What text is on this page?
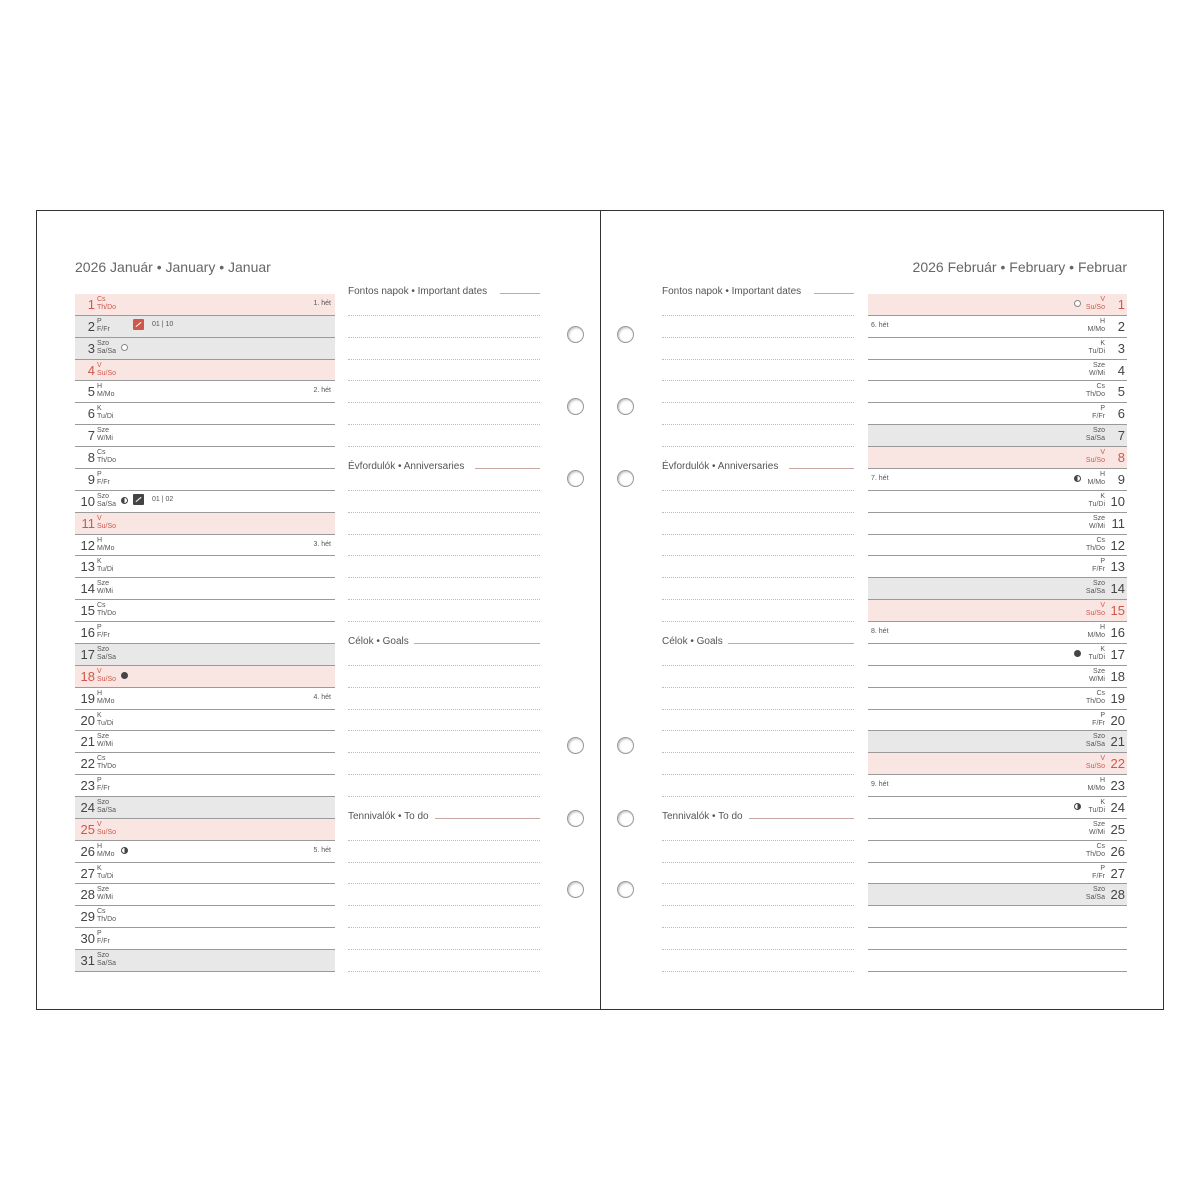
2026 Január • January • Januar	2026 Február • February • Februar
1 Cs
Th/Do
1. hét
2 P
F/Fr
01 | 10
3 Szo
Sa/Sa
4 V
Su/So
5 H
M/Mo
2. hét
6 K
Tu/Di
7 Sze
W/Mi
8 Cs
Th/Do
9 P
F/Fr
10 Szo
Sa/Sa
01 | 02
11 V
Su/So
12 H
M/Mo
3. hét
13 K
Tu/Di
14 Sze
W/Mi
15 Cs
Th/Do
16 P
F/Fr
17 Szo
Sa/Sa
18 V
Su/So
19 H
M/Mo
4. hét
20 K
Tu/Di
21 Sze
W/Mi
22 Cs
Th/Do
23 P
F/Fr
24 Szo
Sa/Sa
25 V
Su/So
26 H
M/Mo
5. hét
27 K
Tu/Di
28 Sze
W/Mi
29 Cs
Th/Do
30 P
F/Fr
31 Szo
Sa/Sa
1
V
Su/So
2
H
M/Mo
6. hét
3
K
Tu/Di
4
Sze
W/Mi
5
Cs
Th/Do
6
P
F/Fr
7
Szo
Sa/Sa
8
V
Su/So
9
H
M/Mo
7. hét
10
K
Tu/Di
11
Sze
W/Mi
12
Cs
Th/Do
13
P
F/Fr
14
Szo
Sa/Sa
15
V
Su/So
16
H
M/Mo
8. hét
17
K
Tu/Di
18
Sze
W/Mi
19
Cs
Th/Do
20
P
F/Fr
21
Szo
Sa/Sa
22
V
Su/So
23
H
M/Mo
9. hét
24
K
Tu/Di
25
Sze
W/Mi
26
Cs
Th/Do
27
P
F/Fr
28
Szo
Sa/Sa
Fontos napok • Important dates
Évfordulók • Anniversaries
Célok • Goals
Tennivalók • To do
Fontos napok • Important dates
Évfordulók • Anniversaries
Célok • Goals
Tennivalók • To do
